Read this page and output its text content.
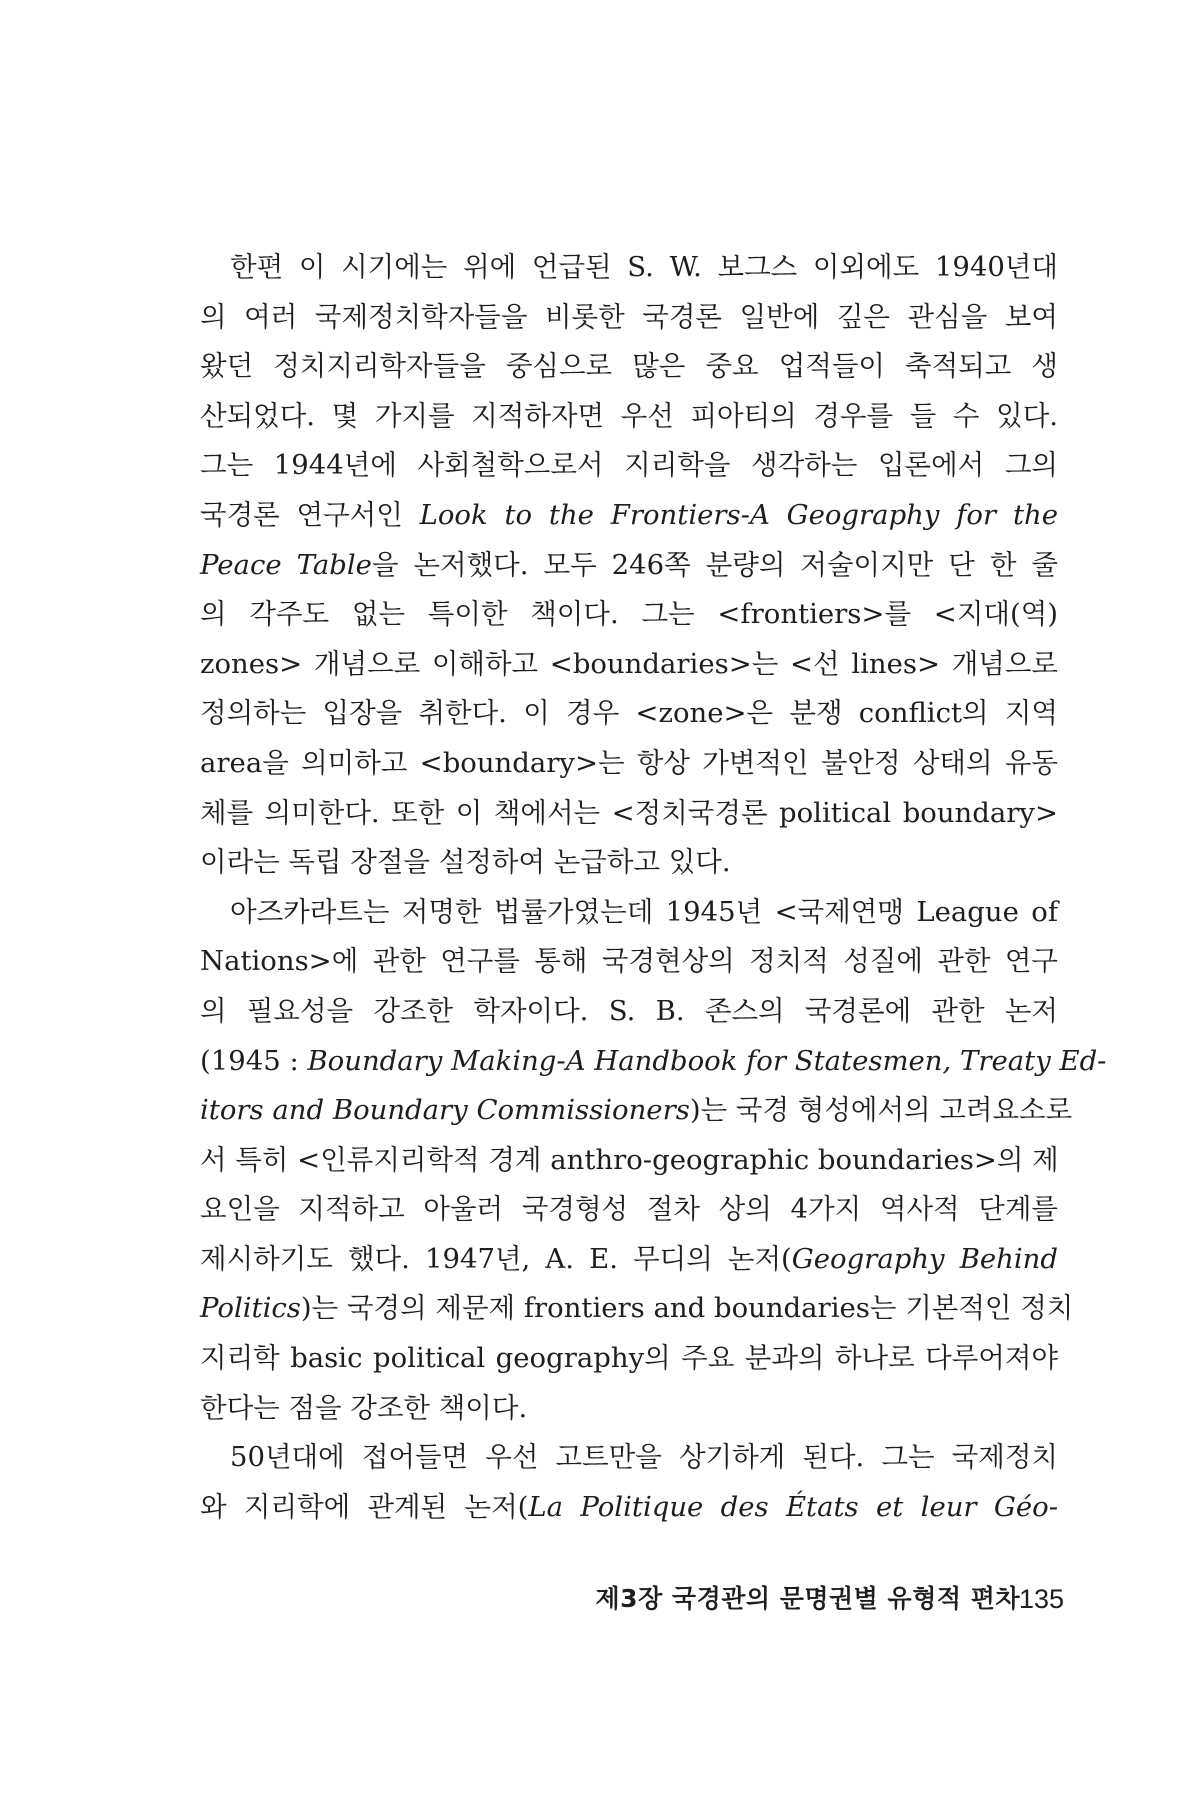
한편 이 시기에는 위에 언급된 S. W. 보그스 이외에도 1940년대
의 여러 국제정치학자들을 비롯한 국경론 일반에 깊은 관심을 보여
왔던 정치지리학자들을 중심으로 많은 중요 업적들이 축적되고 생
산되었다. 몇 가지를 지적하자면 우선 피아티의 경우를 들 수 있다.
그는 1944년에 사회철학으로서 지리학을 생각하는 입론에서 그의
국경론 연구서인 Look to the Frontiers-A Geography for the
Peace Table을 논저했다. 모두 246쪽 분량의 저술이지만 단 한 줄
의 각주도 없는 특이한 책이다. 그는 <frontiers>를 <지대(역)
zones> 개념으로 이해하고 <boundaries>는 <선 lines> 개념으로
정의하는 입장을 취한다. 이 경우 <zone>은 분쟁 conflict의 지역
area을 의미하고 <boundary>는 항상 가변적인 불안정 상태의 유동
체를 의미한다. 또한 이 책에서는 <정치국경론 political boundary>
이라는 독립 장절을 설정하여 논급하고 있다.
아즈카라트는 저명한 법률가였는데 1945년 <국제연맹 League of
Nations>에 관한 연구를 통해 국경현상의 정치적 성질에 관한 연구
의 필요성을 강조한 학자이다. S. B. 존스의 국경론에 관한 논저
(1945 : Boundary Making-A Handbook for Statesmen, Treaty Ed-
itors and Boundary Commissioners)는 국경 형성에서의 고려요소로
서 특히 <인류지리학적 경계 anthro-geographic boundaries>의 제
요인을 지적하고 아울러 국경형성 절차 상의 4가지 역사적 단계를
제시하기도 했다. 1947년, A. E. 무디의 논저(Geography Behind
Politics)는 국경의 제문제 frontiers and boundaries는 기본적인 정치
지리학 basic political geography의 주요 분과의 하나로 다루어져야
한다는 점을 강조한 책이다.
50년대에 접어들면 우선 고트만을 상기하게 된다. 그는 국제정치
와 지리학에 관계된 논저(La Politique des États et leur Géo-
제3장 국경관의 문명권별 유형적 편차
135
